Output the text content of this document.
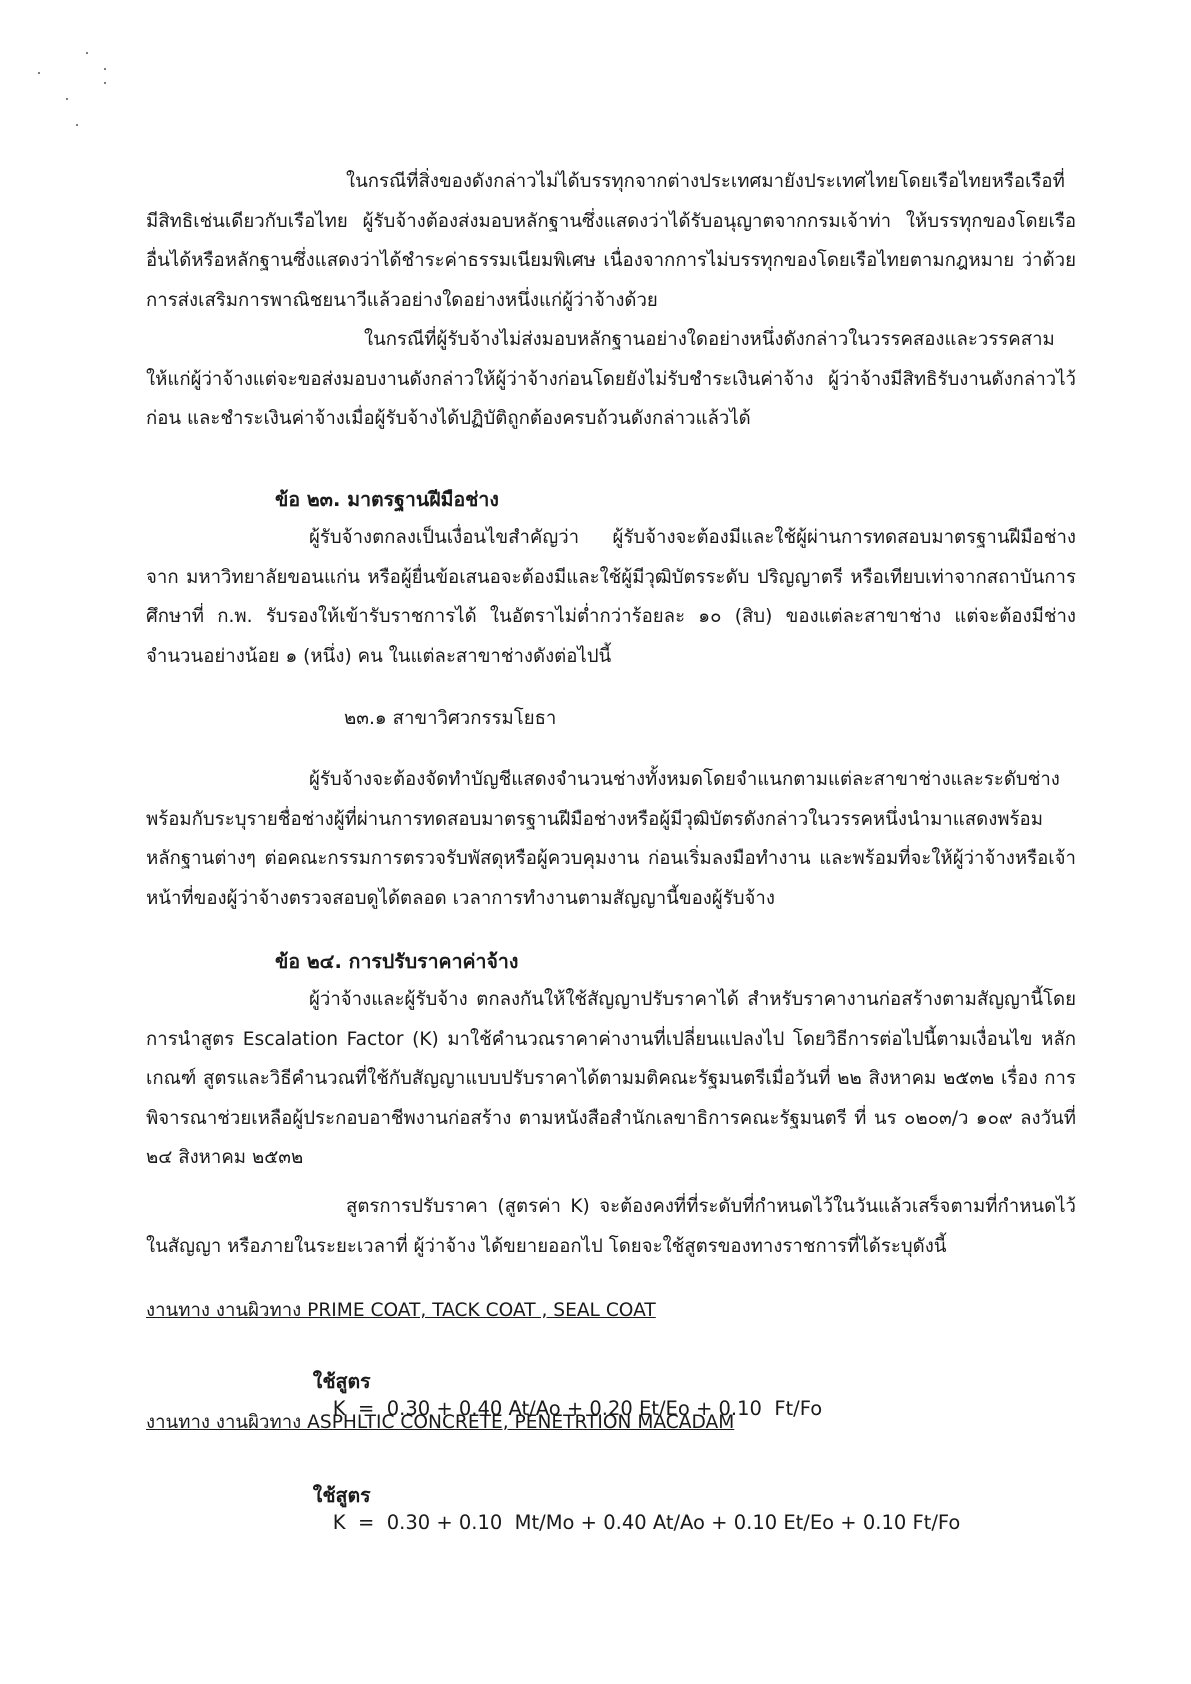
ในกรณีที่สิ่งของดังกล่าวไม่ได้บรรทุกจากต่างประเทศมายังประเทศไทยโดยเรือไทยหรือเรือที่มีสิทธิเช่นเดียวกับเรือไทย ผู้รับจ้างต้องส่งมอบหลักฐานซึ่งแสดงว่าได้รับอนุญาตจากกรมเจ้าท่า ให้บรรทุกของโดยเรืออื่นได้หรือหลักฐานซึ่งแสดงว่าได้ชำระค่าธรรมเนียมพิเศษ เนื่องจากการไม่บรรทุกของโดยเรือไทยตามกฎหมาย ว่าด้วยการส่งเสริมการพาณิชยนาวีแล้วอย่างใดอย่างหนึ่งแก่ผู้ว่าจ้างด้วย
ในกรณีที่ผู้รับจ้างไม่ส่งมอบหลักฐานอย่างใดอย่างหนึ่งดังกล่าวในวรรคสองและวรรคสามให้แก่ผู้ว่าจ้างแต่จะขอส่งมอบงานดังกล่าวให้ผู้ว่าจ้างก่อนโดยยังไม่รับชำระเงินค่าจ้าง ผู้ว่าจ้างมีสิทธิรับงานดังกล่าวไว้ก่อน และชำระเงินค่าจ้างเมื่อผู้รับจ้างได้ปฏิบัติถูกต้องครบถ้วนดังกล่าวแล้วได้
ข้อ ๒๓. มาตรฐานฝีมือช่าง
ผู้รับจ้างตกลงเป็นเงื่อนไขสำคัญว่า ผู้รับจ้างจะต้องมีและใช้ผู้ผ่านการทดสอบมาตรฐานฝีมือช่างจาก มหาวิทยาลัยขอนแก่น หรือผู้ยื่นข้อเสนอจะต้องมีและใช้ผู้มีวุฒิบัตรระดับ ปริญญาตรี หรือเทียบเท่าจากสถาบันการศึกษาที่ ก.พ. รับรองให้เข้ารับราชการได้ ในอัตราไม่ต่ำกว่าร้อยละ ๑๐ (สิบ) ของแต่ละสาขาช่าง แต่จะต้องมีช่างจำนวนอย่างน้อย ๑ (หนึ่ง) คน ในแต่ละสาขาช่างดังต่อไปนี้
๒๓.๑ สาขาวิศวกรรมโยธา
ผู้รับจ้างจะต้องจัดทำบัญชีแสดงจำนวนช่างทั้งหมดโดยจำแนกตามแต่ละสาขาช่างและระดับช่างพร้อมกับระบุรายชื่อช่างผู้ที่ผ่านการทดสอบมาตรฐานฝีมือช่างหรือผู้มีวุฒิบัตรดังกล่าวในวรรคหนึ่งนำมาแสดงพร้อมหลักฐานต่างๆ ต่อคณะกรรมการตรวจรับพัสดุหรือผู้ควบคุมงาน ก่อนเริ่มลงมือทำงาน และพร้อมที่จะให้ผู้ว่าจ้างหรือเจ้าหน้าที่ของผู้ว่าจ้างตรวจสอบดูได้ตลอด เวลาการทำงานตามสัญญานี้ของผู้รับจ้าง
ข้อ ๒๔. การปรับราคาค่าจ้าง
ผู้ว่าจ้างและผู้รับจ้าง ตกลงกันให้ใช้สัญญาปรับราคาได้ สำหรับราคางานก่อสร้างตามสัญญานี้โดยการนำสูตร Escalation Factor (K) มาใช้คำนวณราคาค่างานที่เปลี่ยนแปลงไป โดยวิธีการต่อไปนี้ตามเงื่อนไข หลักเกณฑ์ สูตรและวิธีคำนวณที่ใช้กับสัญญาแบบปรับราคาได้ตามมติคณะรัฐมนตรีเมื่อวันที่ ๒๒ สิงหาคม ๒๕๓๒ เรื่อง การพิจารณาช่วยเหลือผู้ประกอบอาชีพงานก่อสร้าง ตามหนังสือสำนักเลขาธิการคณะรัฐมนตรี ที่ นร ๐๒๐๓/ว ๑๐๙ ลงวันที่ ๒๔ สิงหาคม ๒๕๓๒
สูตรการปรับราคา (สูตรค่า K) จะต้องคงที่ที่ระดับที่กำหนดไว้ในวันแล้วเสร็จตามที่กำหนดไว้ในสัญญา หรือภายในระยะเวลาที่ ผู้ว่าจ้าง ได้ขยายออกไป โดยจะใช้สูตรของทางราชการที่ได้ระบุดังนี้
งานทาง งานผิวทาง PRIME COAT, TACK COAT , SEAL COAT

ใช้สูตร
K  =  0.30 + 0.40 At/Ao + 0.20 Et/Eo + 0.10  Ft/Fo

งานทาง งานผิวทาง ASPHLTIC CONCRETE, PENETRTION MACADAM

ใช้สูตร
K  =  0.30 + 0.10  Mt/Mo + 0.40 At/Ao + 0.10 Et/Eo + 0.10 Ft/Fo
